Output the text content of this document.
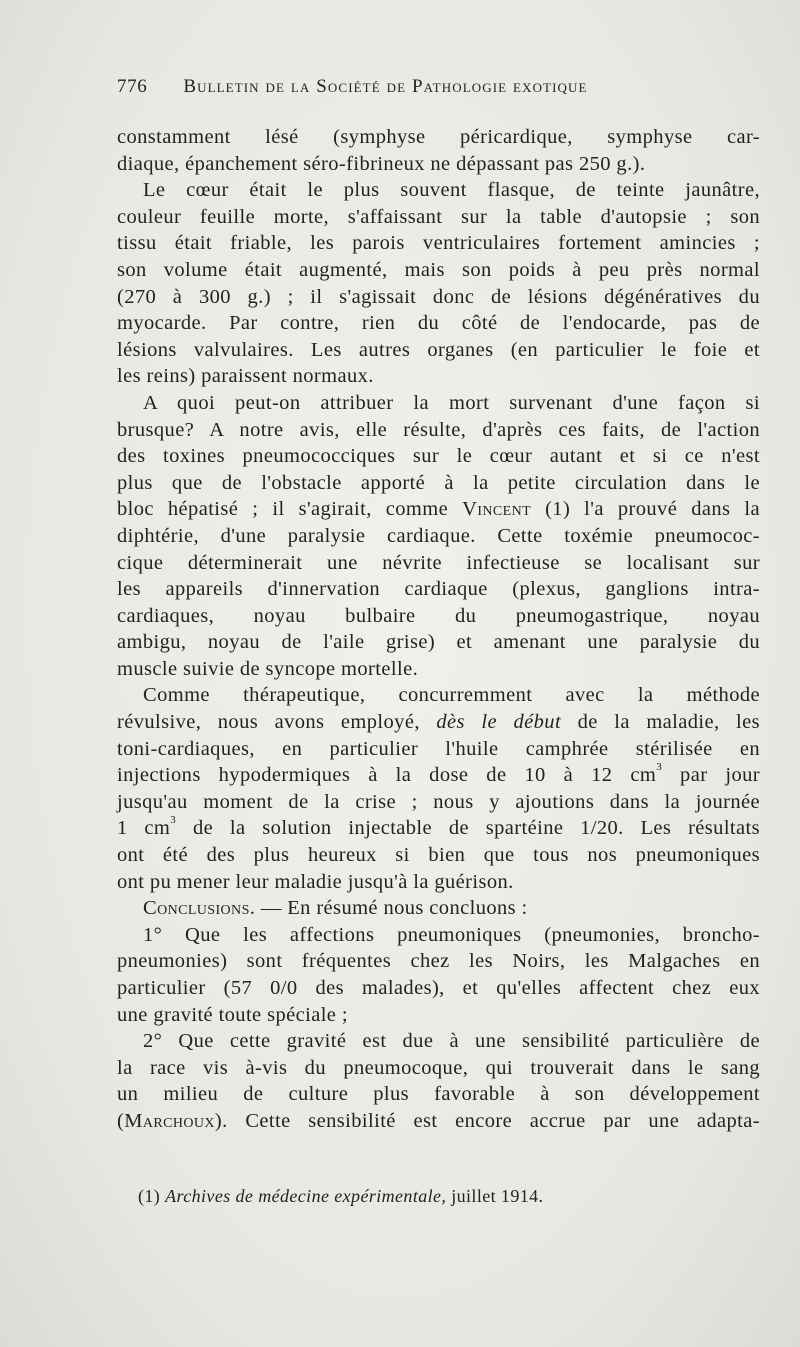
776 Bulletin de la Société de Pathologie exotique
constamment lésé (symphyse péricardique, symphyse car-
diaque, épanchement séro-fibrineux ne dépassant pas 250 g.).
Le cœur était le plus souvent flasque, de teinte jaunâtre,
couleur feuille morte, s'affaissant sur la table d'autopsie ; son
tissu était friable, les parois ventriculaires fortement amincies ;
son volume était augmenté, mais son poids à peu près normal
(270 à 300 g.) ; il s'agissait donc de lésions dégénératives du
myocarde. Par contre, rien du côté de l'endocarde, pas de
lésions valvulaires. Les autres organes (en particulier le foie et
les reins) paraissent normaux.
A quoi peut-on attribuer la mort survenant d'une façon si
brusque? A notre avis, elle résulte, d'après ces faits, de l'action
des toxines pneumococciques sur le cœur autant et si ce n'est
plus que de l'obstacle apporté à la petite circulation dans le
bloc hépatisé ; il s'agirait, comme Vincent (1) l'a prouvé dans la
diphtérie, d'une paralysie cardiaque. Cette toxémie pneumococ-
cique déterminerait une névrite infectieuse se localisant sur
les appareils d'innervation cardiaque (plexus, ganglions intra-
cardiaques, noyau bulbaire du pneumogastrique, noyau
ambigu, noyau de l'aile grise) et amenant une paralysie du
muscle suivie de syncope mortelle.
Comme thérapeutique, concurremment avec la méthode
révulsive, nous avons employé, dès le début de la maladie, les
toni-cardiaques, en particulier l'huile camphrée stérilisée en
injections hypodermiques à la dose de 10 à 12 $cm^3$ par jour
jusqu'au moment de la crise ; nous y ajoutions dans la journée
1 $cm^3$ de la solution injectable de spartéine 1/20. Les résultats
ont été des plus heureux si bien que tous nos pneumoniques
ont pu mener leur maladie jusqu'à la guérison.
Conclusions. — En résumé nous concluons :
1° Que les affections pneumoniques (pneumonies, broncho-
pneumonies) sont fréquentes chez les Noirs, les Malgaches en
particulier (57 0/0 des malades), et qu'elles affectent chez eux
une gravité toute spéciale ;
2° Que cette gravité est due à une sensibilité particulière de
la race vis à-vis du pneumocoque, qui trouverait dans le sang
un milieu de culture plus favorable à son développement
(Marchoux). Cette sensibilité est encore accrue par une adapta-
(1) Archives de médecine expérimentale, juillet 1914.
